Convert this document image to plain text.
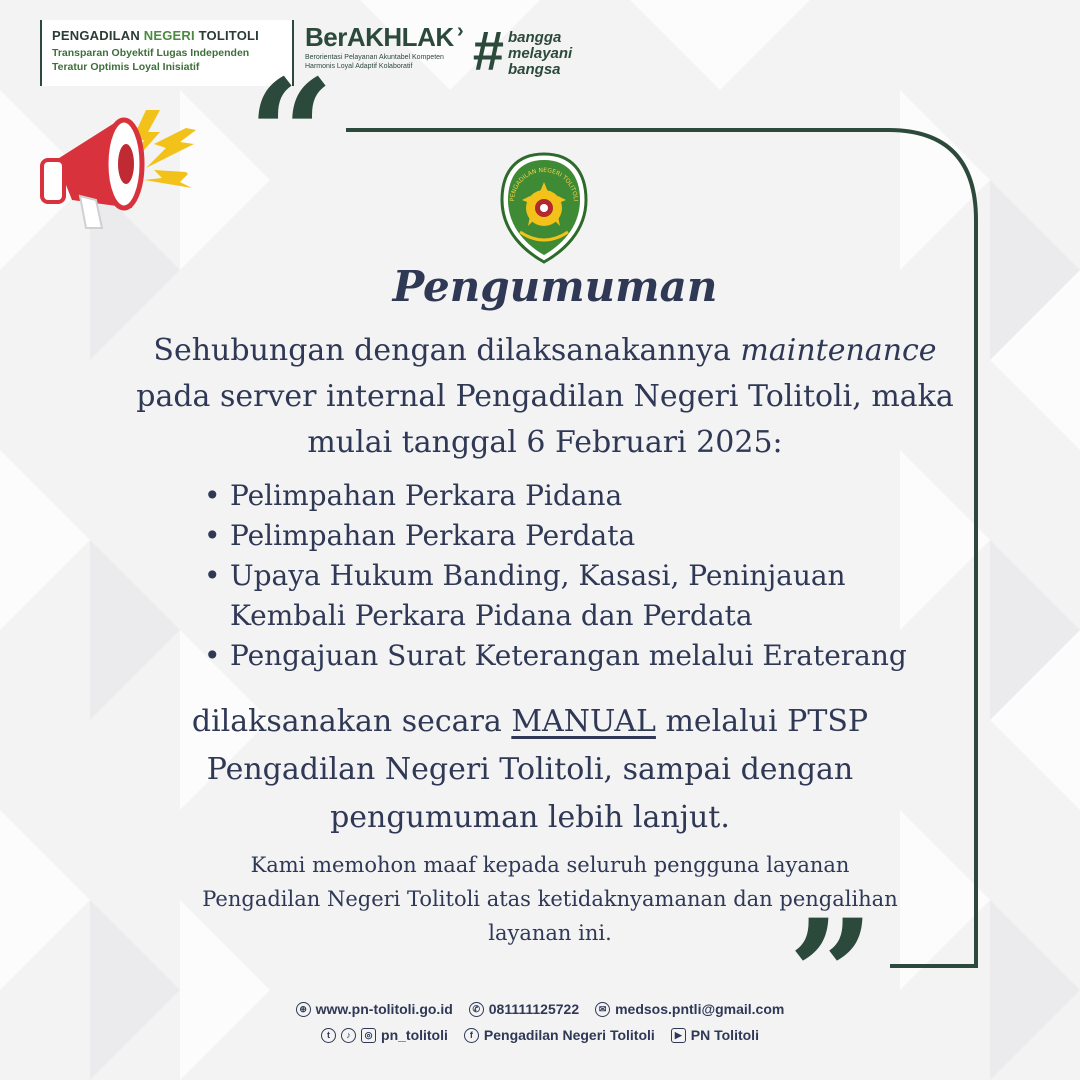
PENGADILAN NEGERI TOLITOLI
Transparan Obyektif Lugas Independen
Teratur Optimis Loyal Inisiatif
BerAKHLAK ›
Berorientasi Pelayanan Akuntabel Kompeten
Harmonis Loyal Adaptif Kolaboratif	# bangga
melayani
bangsa
“
”
PENGADILAN NEGERI TOLITOLI
Pengumuman
Sehubungan dengan dilaksanakannya maintenance
pada server internal Pengadilan Negeri Tolitoli, maka
mulai tanggal 6 Februari 2025:
• Pelimpahan Perkara Pidana
• Pelimpahan Perkara Perdata
• Upaya Hukum Banding, Kasasi, Peninjauan Kembali Perkara Pidana dan Perdata
• Pengajuan Surat Keterangan melalui Eraterang
dilaksanakan secara MANUAL melalui PTSP
Pengadilan Negeri Tolitoli, sampai dengan
pengumuman lebih lanjut.
Kami memohon maaf kepada seluruh pengguna layanan
Pengadilan Negeri Tolitoli atas ketidaknyamanan dan pengalihan
layanan ini.
⊕ www.pn-tolitoli.go.id	✆ 081111125722	✉ medsos.pntli@gmail.com
t	♪	◎ pn_tolitoli	f Pengadilan Negeri Tolitoli	▶ PN Tolitoli
